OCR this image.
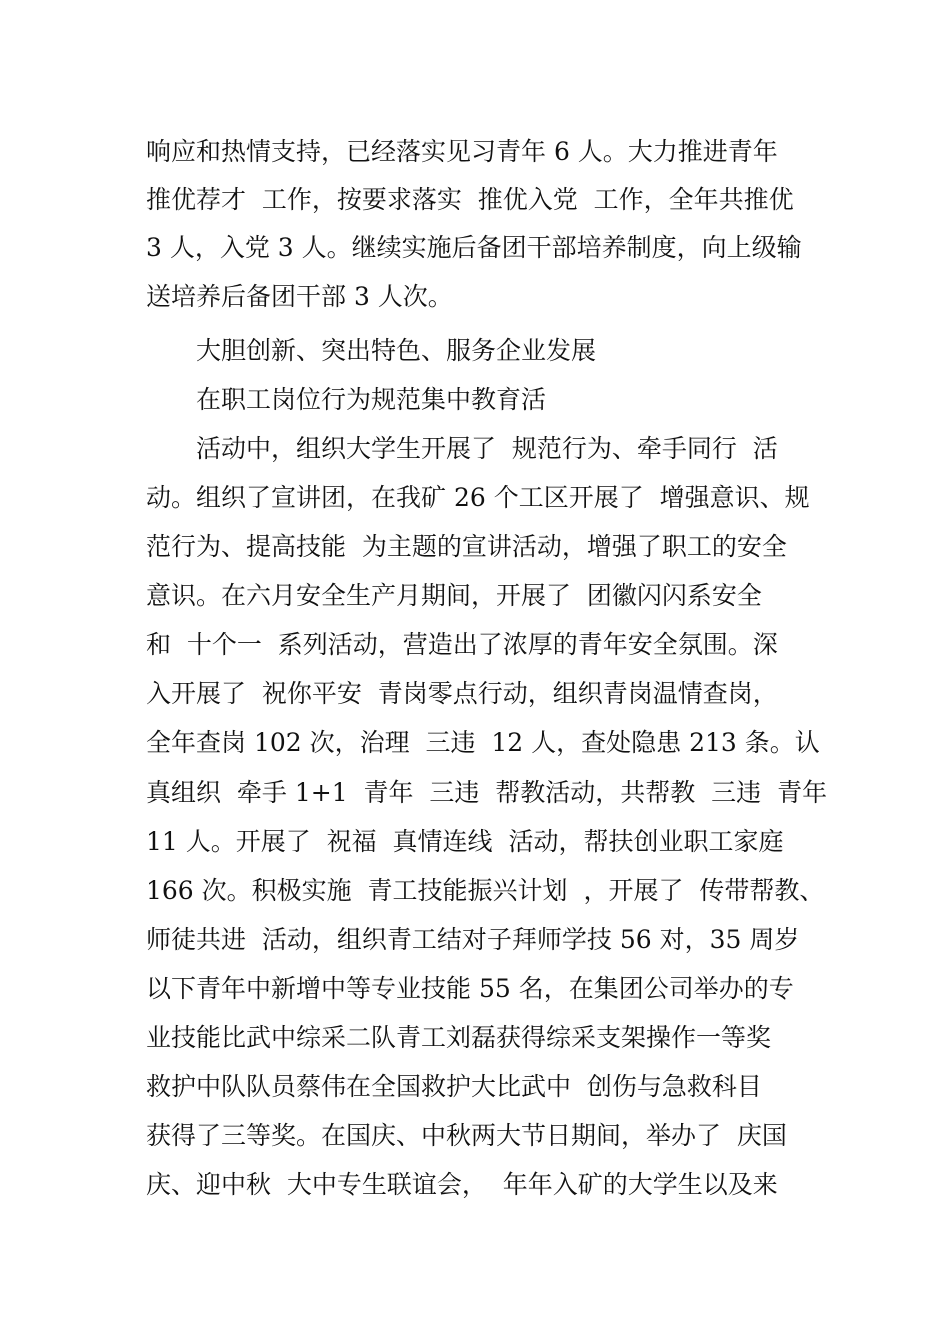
响应和热情支持，已经落实见习青年 6 人。大力推进青年
推优荐才  工作，按要求落实  推优入党  工作，全年共推优
3 人，入党 3 人。继续实施后备团干部培养制度，向上级输
送培养后备团干部 3 人次。
大胆创新、突出特色、服务企业发展
在职工岗位行为规范集中教育活
活动中，组织大学生开展了  规范行为、牵手同行  活
动。组织了宣讲团，在我矿 26 个工区开展了  增强意识、规
范行为、提高技能  为主题的宣讲活动，增强了职工的安全
意识。在六月安全生产月期间，开展了  团徽闪闪系安全
和  十个一  系列活动，营造出了浓厚的青年安全氛围。深
入开展了  祝你平安  青岗零点行动，组织青岗温情查岗，
全年查岗 102 次，治理  三违  12 人，查处隐患 213 条。认
真组织  牵手 1+1  青年  三违  帮教活动，共帮教  三违  青年
11 人。开展了  祝福  真情连线  活动，帮扶创业职工家庭
166 次。积极实施  青工技能振兴计划  ，开展了  传带帮教、
师徒共进  活动，组织青工结对子拜师学技 56 对，35 周岁
以下青年中新增中等专业技能 55 名，在集团公司举办的专
业技能比武中综采二队青工刘磊获得综采支架操作一等奖
救护中队队员蔡伟在全国救护大比武中  创伤与急救科目
获得了三等奖。在国庆、中秋两大节日期间，举办了  庆国
庆、迎中秋  大中专生联谊会，  年年入矿的大学生以及来
